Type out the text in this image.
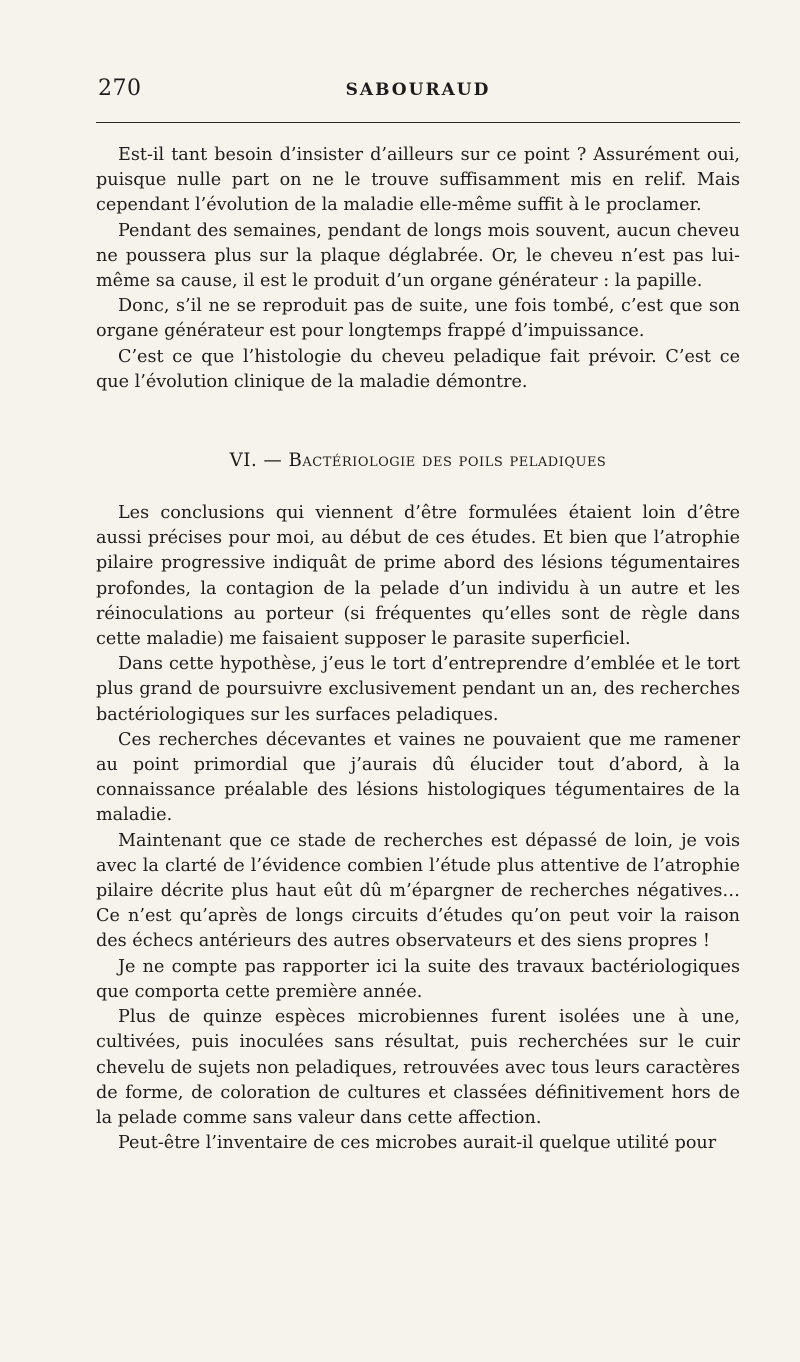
270	SABOURAUD

Est-il tant besoin d’insister d’ailleurs sur ce point ? Assurément oui, puisque nulle part on ne le trouve suffisamment mis en relif. Mais cependant l’évolution de la maladie elle-même suffit à le proclamer.

Pendant des semaines, pendant de longs mois souvent, aucun cheveu ne poussera plus sur la plaque déglabrée. Or, le cheveu n’est pas lui-même sa cause, il est le produit d’un organe générateur : la papille.

Donc, s’il ne se reproduit pas de suite, une fois tombé, c’est que son organe générateur est pour longtemps frappé d’impuissance.

C’est ce que l’histologie du cheveu peladique fait prévoir. C’est ce que l’évolution clinique de la maladie démontre.

VI. — Bactériologie des poils peladiques

Les conclusions qui viennent d’être formulées étaient loin d’être aussi précises pour moi, au début de ces études. Et bien que l’atrophie pilaire progressive indiquât de prime abord des lésions tégumentaires profondes, la contagion de la pelade d’un individu à un autre et les réinoculations au porteur (si fréquentes qu’elles sont de règle dans cette maladie) me faisaient supposer le parasite superficiel.

Dans cette hypothèse, j’eus le tort d’entreprendre d’emblée et le tort plus grand de poursuivre exclusivement pendant un an, des recherches bactériologiques sur les surfaces peladiques.

Ces recherches décevantes et vaines ne pouvaient que me ramener au point primordial que j’aurais dû élucider tout d’abord, à la connaissance préalable des lésions histologiques tégumentaires de la maladie.

Maintenant que ce stade de recherches est dépassé de loin, je vois avec la clarté de l’évidence combien l’étude plus attentive de l’atrophie pilaire décrite plus haut eût dû m’épargner de recherches négatives… Ce n’est qu’après de longs circuits d’études qu’on peut voir la raison des échecs antérieurs des autres observateurs et des siens propres !

Je ne compte pas rapporter ici la suite des travaux bactériologiques que comporta cette première année.

Plus de quinze espèces microbiennes furent isolées une à une, cultivées, puis inoculées sans résultat, puis recherchées sur le cuir chevelu de sujets non peladiques, retrouvées avec tous leurs caractères de forme, de coloration de cultures et classées définitivement hors de la pelade comme sans valeur dans cette affection.

Peut-être l’inventaire de ces microbes aurait-il quelque utilité pour
